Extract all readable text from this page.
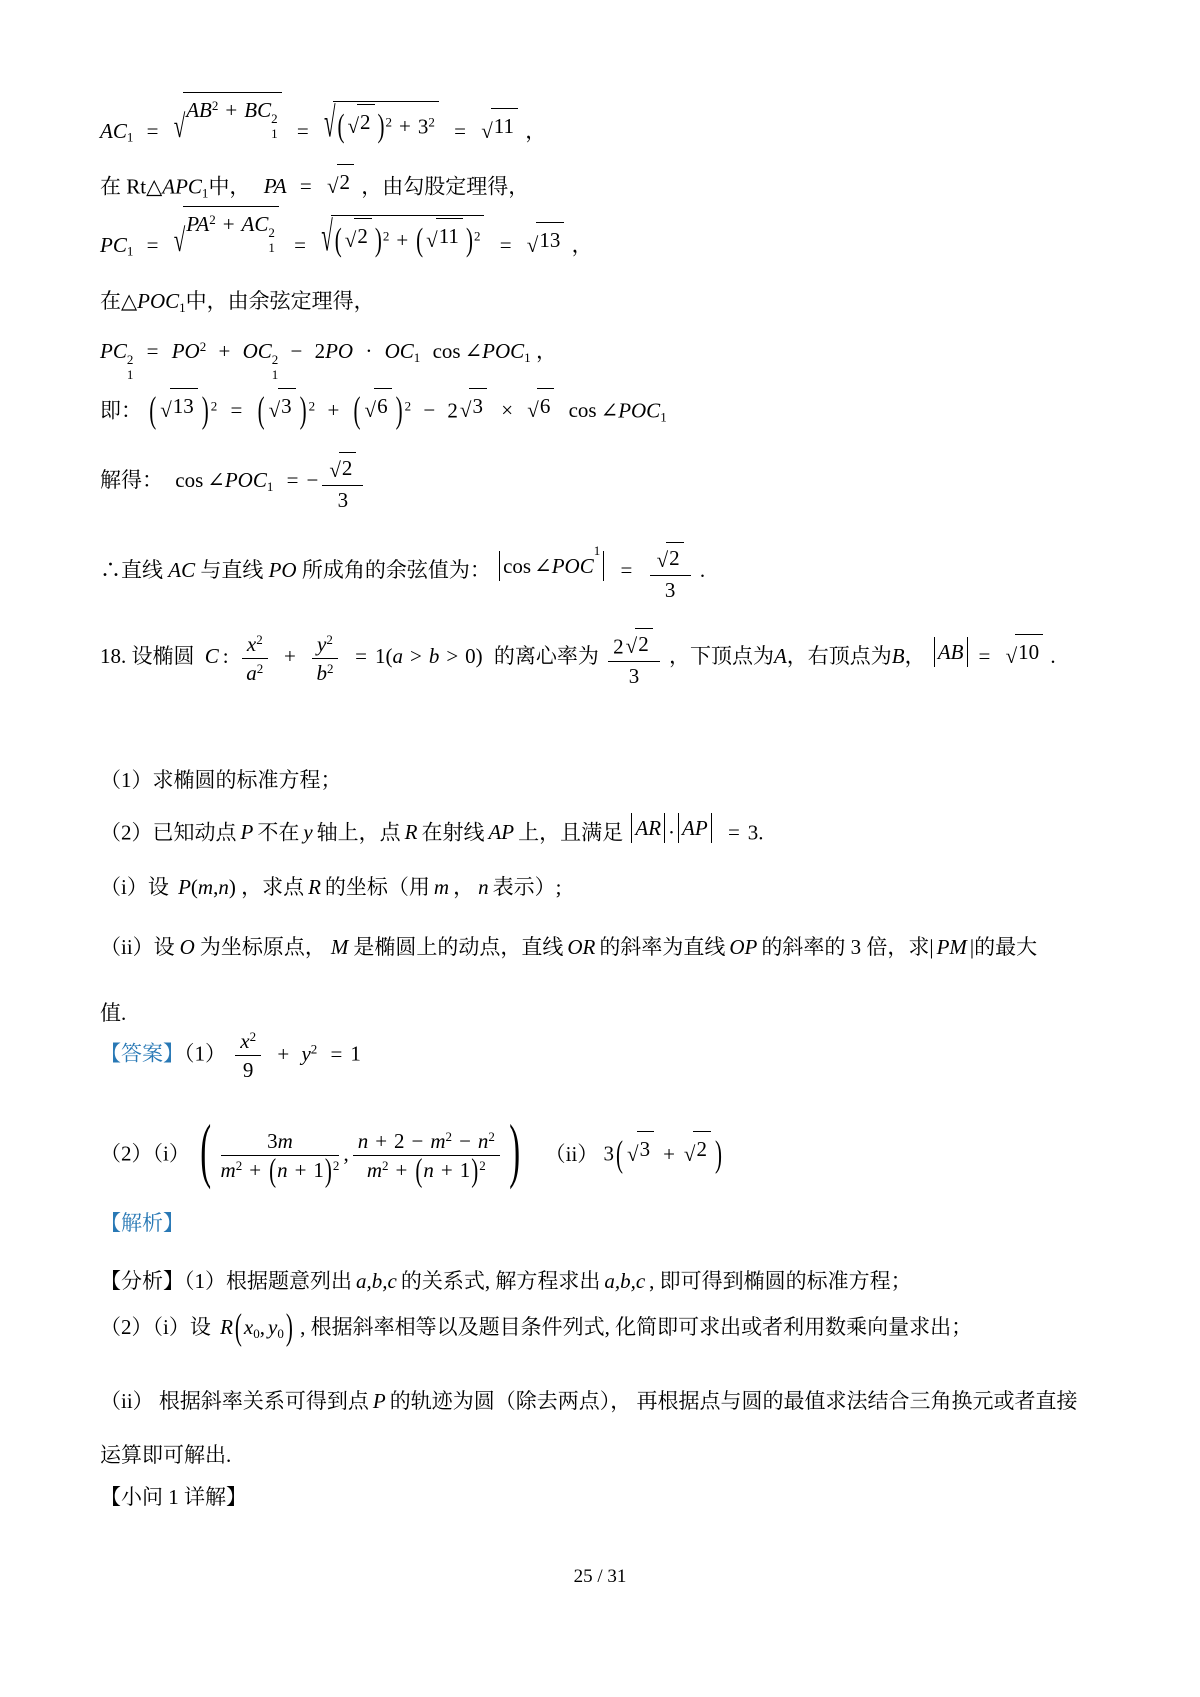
$AC_1$ = √ $AB^2$ + BC 2
1 = √ ( √ 2 )$^2 + 3^2$ = √ 11 ，
在 $Rt\triangle APC_1$中， PA = √ 2 ，由勾股定理得，
$PC_1$ = √ $PA^2$ + AC 2
1 = √ ( √ 2 )$^2$ + ( √ 11 )$^2$ = √ 13 ，
在$\triangle POC_1$中，由余弦定理得，
PC 2
1
= $PO^2$ + OC 2
1
− $2PO \cdot OC_1$ $\cos \angle POC_1$ ，
即： ( √ 13 ) $^2$ = ( √ 3 ) $^2$ + ( √ 6 ) $^2$ − 2 √ 3 × √ 6 $\cos \angle POC_1$
解得： $\cos \angle POC_1$ = − $\frac{√ 2}{3}$
∴直线 AC 与直线 PO 所成角的余弦值为： cos ∠ POC
1
= $\frac{√ 2}{3}$ .
18. 设椭圆 C : $\frac{x^2}{a^2} + \frac{y^2}{b^2} = 1(a > b > 0)$ 的离心率为 $\frac{2 √ 2}{3}$ ，下顶点为A，右顶点为B， AB = √ 10 .
（1）求椭圆的标准方程；
（2）已知动点 P 不在 y 轴上，点 R 在射线 AP 上，且满足 AR · AP = 3.
（i）设 P(m,n) ，求点 R 的坐标（用 m ， n 表示）;
（ii）设 O 为坐标原点， M 是椭圆上的动点，直线 OR 的斜率为直线 OP 的斜率的 3 倍，求| PM |的最大
值.
【答案】$(1) \frac{x^2}{9} + y^2 = 1$
（2）（i） ( $\frac{3m}{m^2 + (n + 1)^2}$ , $\frac{n + 2 - m^2 - n^2}{m^2 + (n + 1)^2}$ ) （ii） 3( √ 3 + √ 2 )
【解析】
【分析】（1）根据题意列出 a,b,c 的关系式, 解方程求出 a,b,c , 即可得到椭圆的标准方程；
（2）（i）设 $R(x_0$, $y_0$) , 根据斜率相等以及题目条件列式, 化简即可求出或者利用数乘向量求出；
（ii） 根据斜率关系可得到点 P 的轨迹为圆（除去两点）， 再根据点与圆的最值求法结合三角换元或者直接
运算即可解出.
【小问 1 详解】
25 / 31
